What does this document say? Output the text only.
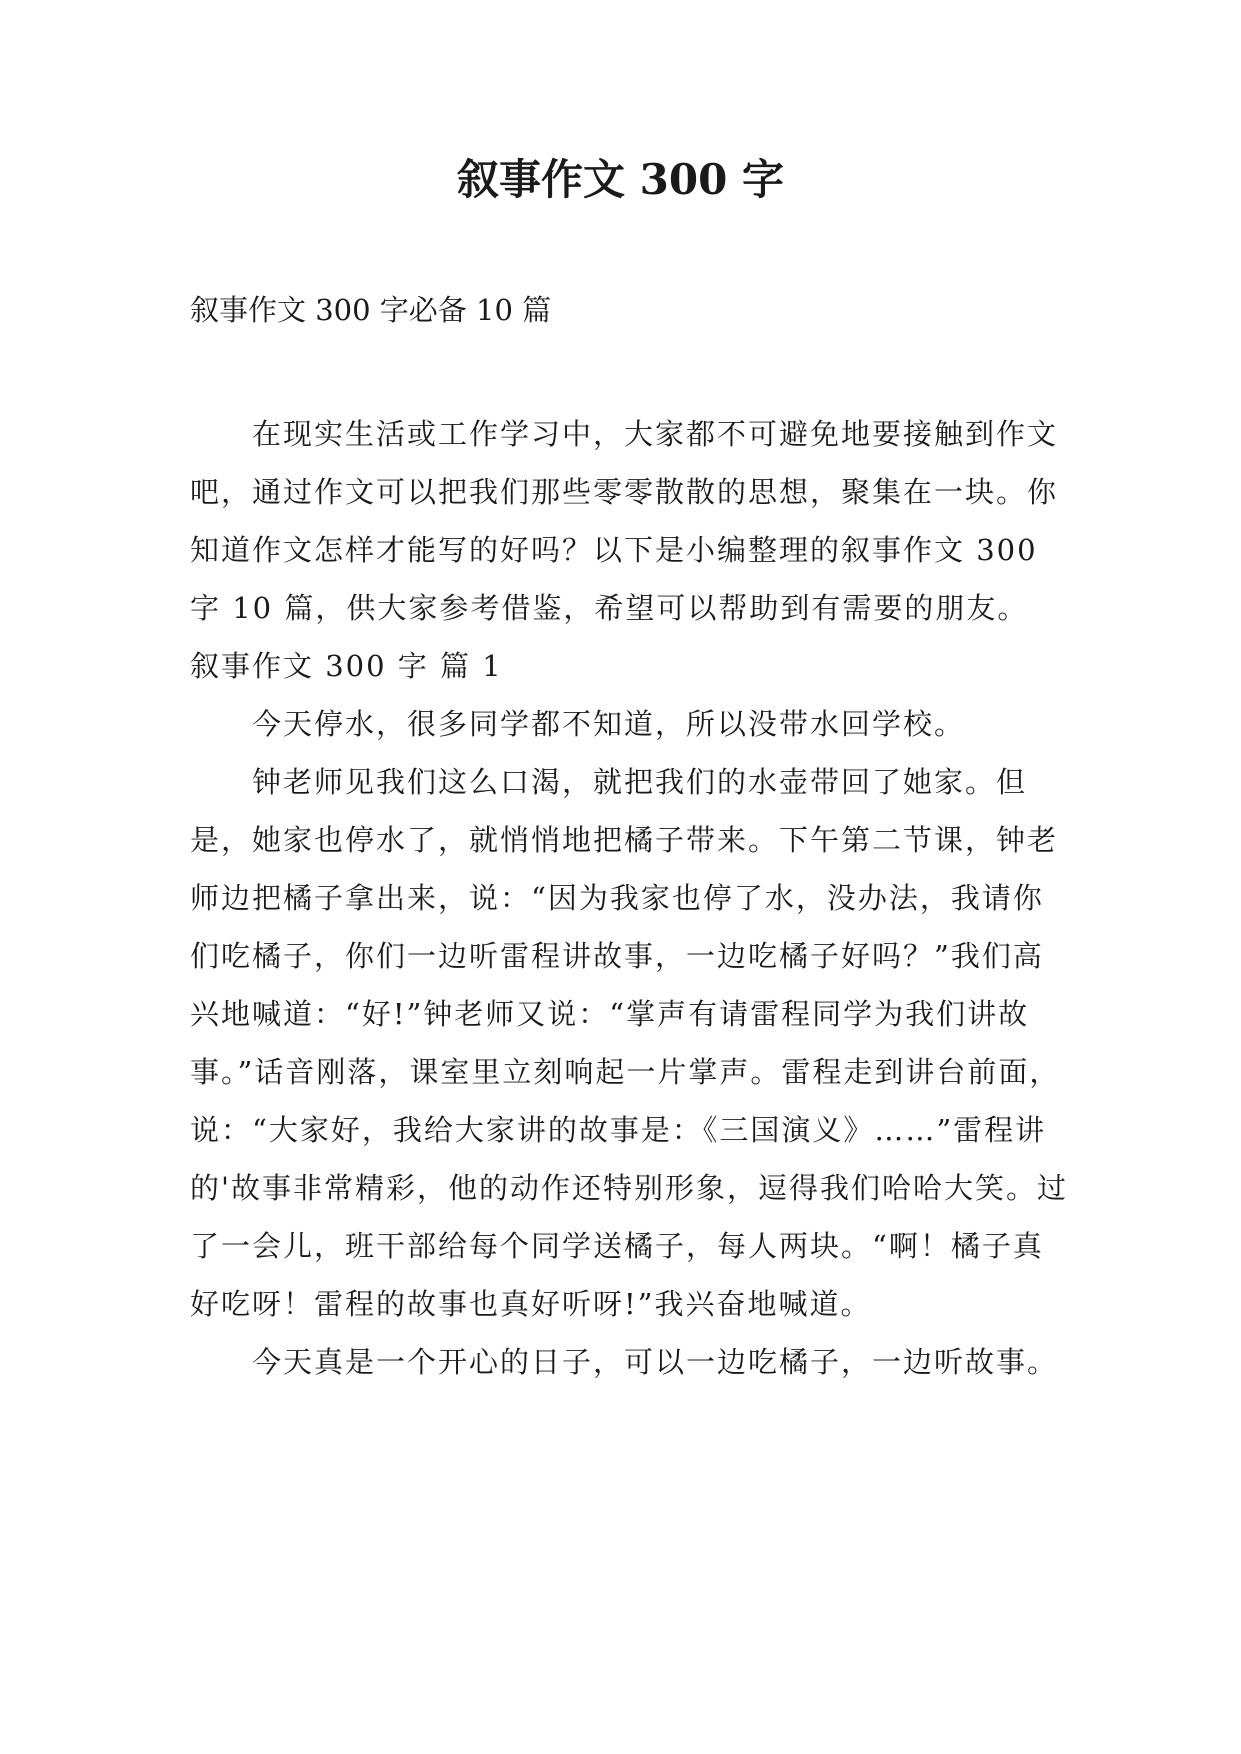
叙事作文 300 字
叙事作文 300 字必备 10 篇

在现实生活或工作学习中，大家都不可避免地要接触到作文吧，通过作文可以把我们那些零零散散的思想，聚集在一块。你知道作文怎样才能写的好吗？以下是小编整理的叙事作文 300 字 10 篇，供大家参考借鉴，希望可以帮助到有需要的朋友。

叙事作文 300 字 篇 1

今天停水，很多同学都不知道，所以没带水回学校。

钟老师见我们这么口渴，就把我们的水壶带回了她家。但是，她家也停水了，就悄悄地把橘子带来。下午第二节课，钟老师边把橘子拿出来，说：“因为我家也停了水，没办法，我请你们吃橘子，你们一边听雷程讲故事，一边吃橘子好吗？”我们高兴地喊道：“好!”钟老师又说：“掌声有请雷程同学为我们讲故事。”话音刚落，课室里立刻响起一片掌声。雷程走到讲台前面，说：“大家好，我给大家讲的故事是：《三国演义》……”雷程讲的'故事非常精彩，他的动作还特别形象，逗得我们哈哈大笑。过了一会儿，班干部给每个同学送橘子，每人两块。“啊！橘子真好吃呀！雷程的故事也真好听呀!”我兴奋地喊道。

今天真是一个开心的日子，可以一边吃橘子，一边听故事。
